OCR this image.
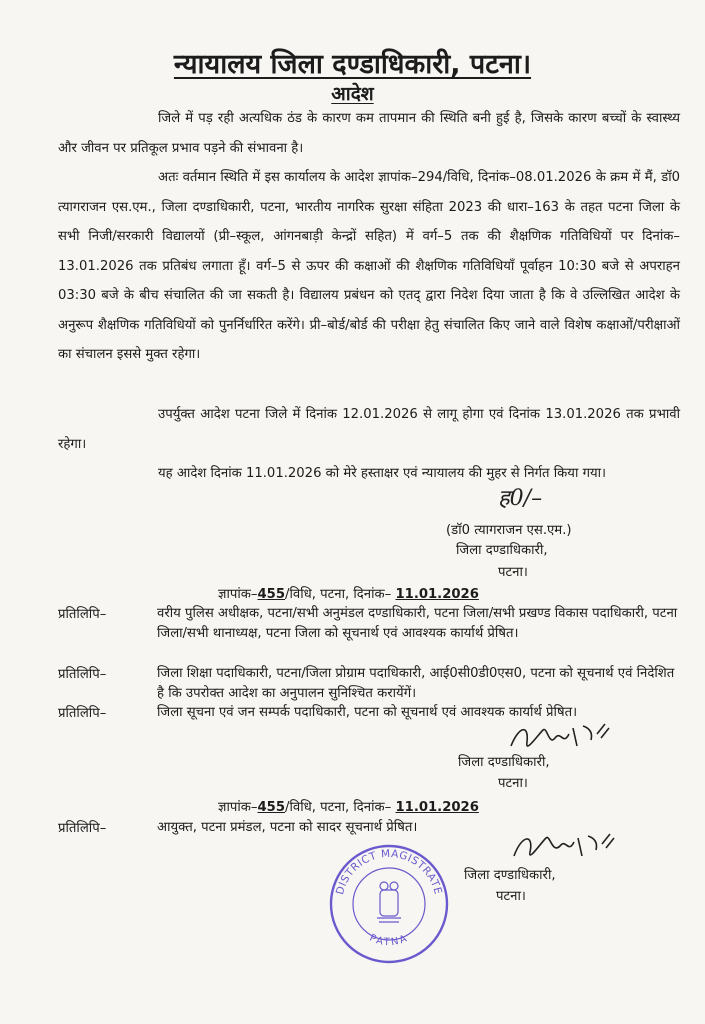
न्यायालय जिला दण्डाधिकारी, पटना।
आदेश
जिले में पड़ रही अत्यधिक ठंड के कारण कम तापमान की स्थिति बनी हुई है, जिसके कारण बच्चों के स्वास्थ्य और जीवन पर प्रतिकूल प्रभाव पड़ने की संभावना है।
अतः वर्तमान स्थिति में इस कार्यालय के आदेश ज्ञापांक–294/विधि, दिनांक–08.01.2026 के क्रम में मैं, डॉ0 त्यागराजन एस.एम., जिला दण्डाधिकारी, पटना, भारतीय नागरिक सुरक्षा संहिता 2023 की धारा–163 के तहत पटना जिला के सभी निजी/सरकारी विद्यालयों (प्री–स्कूल, आंगनबाड़ी केन्द्रों सहित) में वर्ग–5 तक की शैक्षणिक गतिविधियों पर दिनांक–13.01.2026 तक प्रतिबंध लगाता हूँ। वर्ग–5 से ऊपर की कक्षाओं की शैक्षणिक गतिविधियाँ पूर्वाहन 10:30 बजे से अपराहन 03:30 बजे के बीच संचालित की जा सकती है। विद्यालय प्रबंधन को एतद् द्वारा निदेश दिया जाता है कि वे उल्लिखित आदेश के अनुरूप शैक्षणिक गतिविधियों को पुनर्निर्धारित करेंगे। प्री–बोर्ड/बोर्ड की परीक्षा हेतु संचालित किए जाने वाले विशेष कक्षाओं/परीक्षाओं का संचालन इससे मुक्त रहेगा।
उपर्युक्त आदेश पटना जिले में दिनांक 12.01.2026 से लागू होगा एवं दिनांक 13.01.2026 तक प्रभावी रहेगा।
यह आदेश दिनांक 11.01.2026 को मेरे हस्ताक्षर एवं न्यायालय की मुहर से निर्गत किया गया।
ह0/–
(डॉ0 त्यागराजन एस.एम.)
जिला दण्डाधिकारी,
पटना।
ज्ञापांक–455/विधि, पटना, दिनांक– 11.01.2026
प्रतिलिपि–	वरीय पुलिस अधीक्षक, पटना/सभी अनुमंडल दण्डाधिकारी, पटना जिला/सभी प्रखण्ड विकास पदाधिकारी, पटना जिला/सभी थानाध्यक्ष, पटना जिला को सूचनार्थ एवं आवश्यक कार्यार्थ प्रेषित।
प्रतिलिपि–	जिला शिक्षा पदाधिकारी, पटना/जिला प्रोग्राम पदाधिकारी, आई0सी0डी0एस0, पटना को सूचनार्थ एवं निदेशित है कि उपरोक्त आदेश का अनुपालन सुनिश्चित करायेंगें।
प्रतिलिपि–	जिला सूचना एवं जन सम्पर्क पदाधिकारी, पटना को सूचनार्थ एवं आवश्यक कार्यार्थ प्रेषित।
जिला दण्डाधिकारी,
पटना।
ज्ञापांक–455/विधि, पटना, दिनांक– 11.01.2026
प्रतिलिपि–	आयुक्त, पटना प्रमंडल, पटना को सादर सूचनार्थ प्रेषित।
जिला दण्डाधिकारी,
पटना।
DISTRICT MAGISTRATE
PATNA
